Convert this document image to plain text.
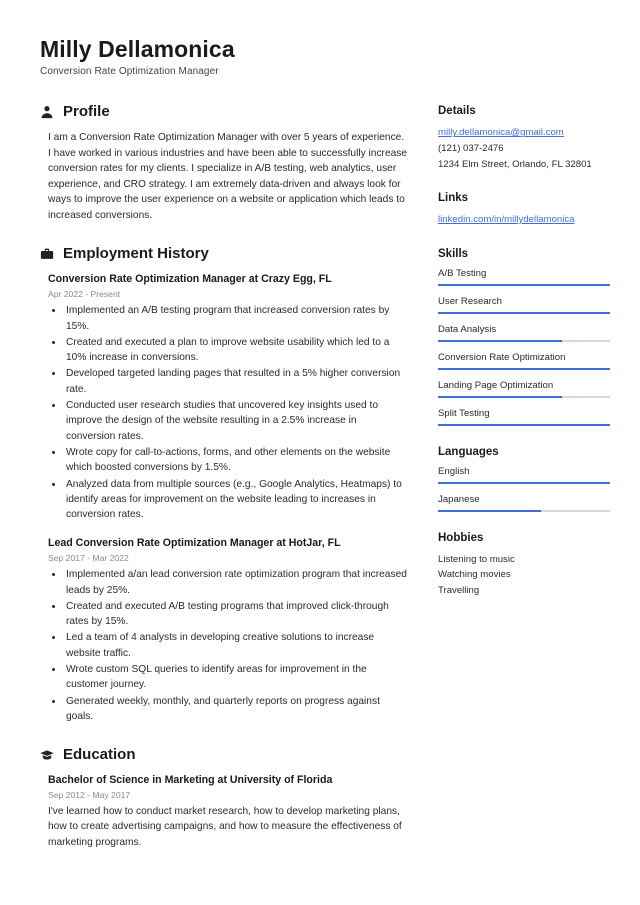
Milly Dellamonica
Conversion Rate Optimization Manager
Profile

I am a Conversion Rate Optimization Manager with over 5 years of experience. I have worked in various industries and have been able to successfully increase conversion rates for my clients. I specialize in A/B testing, web analytics, user experience, and CRO strategy. I am extremely data-driven and always look for ways to improve the user experience on a website or application which leads to increased conversions.

Employment History
Conversion Rate Optimization Manager at Crazy Egg, FL
Apr 2022 - Present
• Implemented an A/B testing program that increased conversion rates by 15%.
• Created and executed a plan to improve website usability which led to a 10% increase in conversions.
• Developed targeted landing pages that resulted in a 5% higher conversion rate.
• Conducted user research studies that uncovered key insights used to improve the design of the website resulting in a 2.5% increase in conversion rates.
• Wrote copy for call-to-actions, forms, and other elements on the website which boosted conversions by 1.5%.
• Analyzed data from multiple sources (e.g., Google Analytics, Heatmaps) to identify areas for improvement on the website leading to increases in conversion rates.
Lead Conversion Rate Optimization Manager at HotJar, FL
Sep 2017 - Mar 2022
• Implemented a/an lead conversion rate optimization program that increased leads by 25%.
• Created and executed A/B testing programs that improved click-through rates by 15%.
• Led a team of 4 analysts in developing creative solutions to increase website traffic.
• Wrote custom SQL queries to identify areas for improvement in the customer journey.
• Generated weekly, monthly, and quarterly reports on progress against goals.
Education
Bachelor of Science in Marketing at University of Florida
Sep 2012 - May 2017
I've learned how to conduct market research, how to develop marketing plans, how to create advertising campaigns, and how to measure the effectiveness of marketing programs.
Details
milly.dellamonica@gmail.com
(121) 037-2476
1234 Elm Street, Orlando, FL 32801
Links
linkedin.com/in/millydellamonica
Skills
A/B Testing
User Research
Data Analysis
Conversion Rate Optimization
Landing Page Optimization
Split Testing
Languages
English
Japanese
Hobbies
Listening to music
Watching movies
Travelling
